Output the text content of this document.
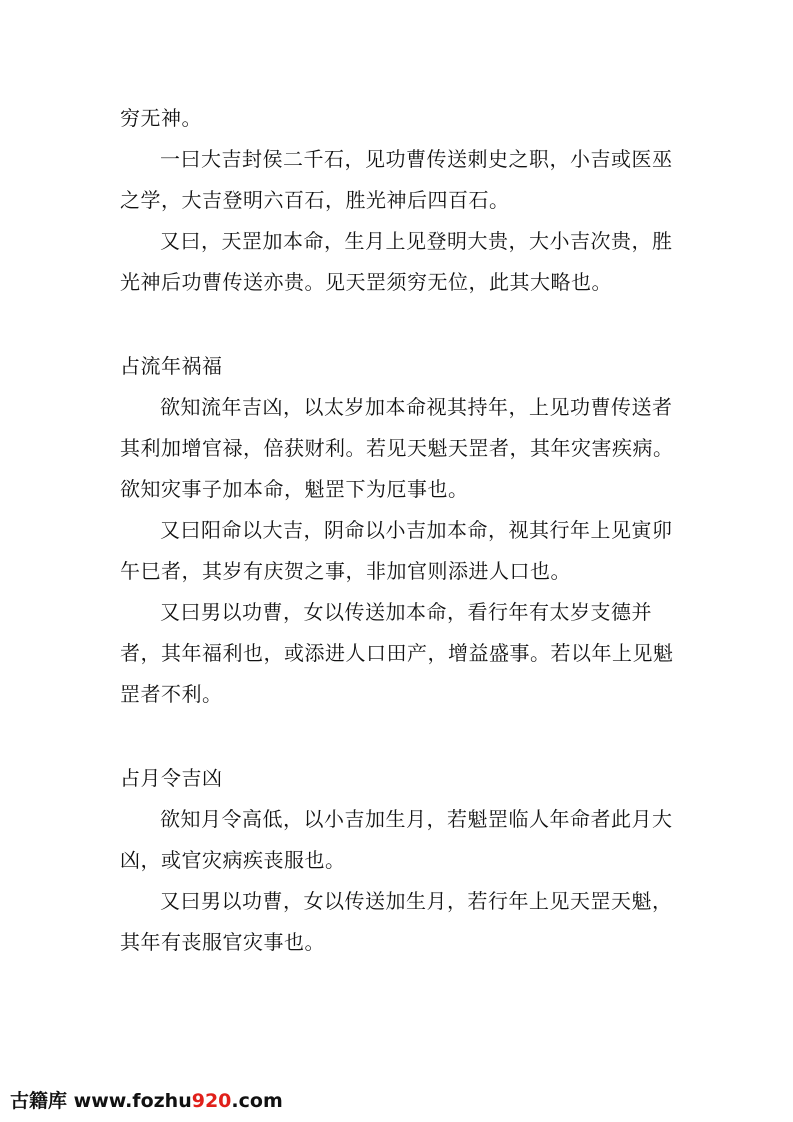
穷无神。

一曰大吉封侯二千石，见功曹传送刺史之职，小吉或医巫之学，大吉登明六百石，胜光神后四百石。

又曰，天罡加本命，生月上见登明大贵，大小吉次贵，胜光神后功曹传送亦贵。见天罡须穷无位，此其大略也。

占流年祸福

欲知流年吉凶，以太岁加本命视其持年，上见功曹传送者其利加增官禄，倍获财利。若见天魁天罡者，其年灾害疾病。欲知灾事子加本命，魁罡下为厄事也。

又曰阳命以大吉，阴命以小吉加本命，视其行年上见寅卯午巳者，其岁有庆贺之事，非加官则添进人口也。

又曰男以功曹，女以传送加本命，看行年有太岁支德并者，其年福利也，或添进人口田产，增益盛事。若以年上见魁罡者不利。

占月令吉凶

欲知月令高低，以小吉加生月，若魁罡临人年命者此月大凶，或官灾病疾丧服也。

又曰男以功曹，女以传送加生月，若行年上见天罡天魁，其年有丧服官灾事也。

古籍库 www.fozhu920.com
